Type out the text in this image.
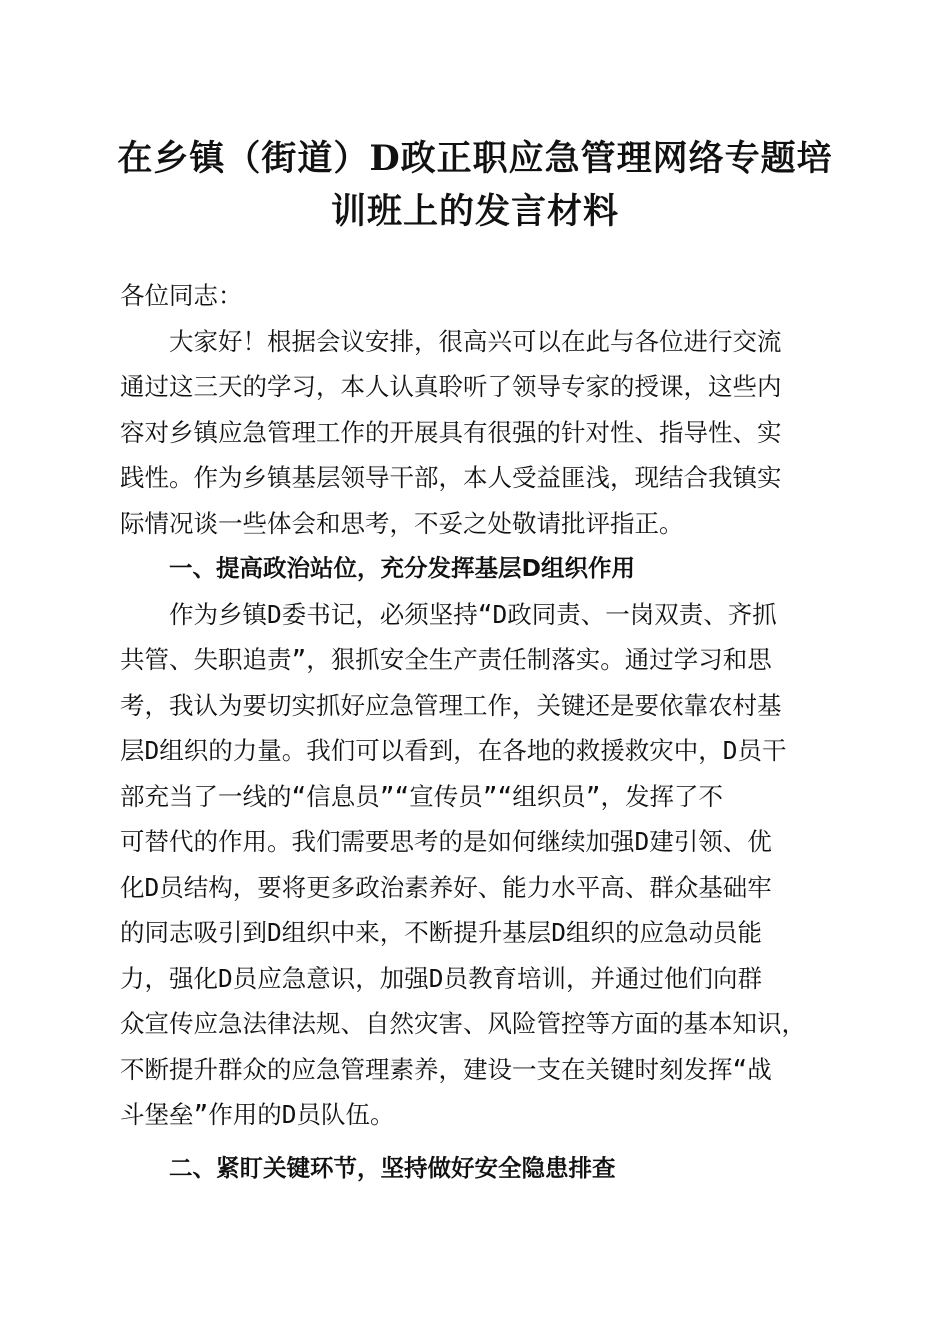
在乡镇（街道）D政正职应急管理网络专题培
训班上的发言材料
各位同志：
大家好！根据会议安排，很高兴可以在此与各位进行交流
通过这三天的学习，本人认真聆听了领导专家的授课，这些内
容对乡镇应急管理工作的开展具有很强的针对性、指导性、实
践性。作为乡镇基层领导干部，本人受益匪浅，现结合我镇实
际情况谈一些体会和思考，不妥之处敬请批评指正。
一、提高政治站位，充分发挥基层D组织作用
作为乡镇D委书记，必须坚持“D政同责、一岗双责、齐抓
共管、失职追责”，狠抓安全生产责任制落实。通过学习和思
考，我认为要切实抓好应急管理工作，关键还是要依靠农村基
层D组织的力量。我们可以看到，在各地的救援救灾中，D员干
部充当了一线的“信息员”“宣传员”“组织员”，发挥了不
可替代的作用。我们需要思考的是如何继续加强D建引领、优
化D员结构，要将更多政治素养好、能力水平高、群众基础牢
的同志吸引到D组织中来，不断提升基层D组织的应急动员能
力，强化D员应急意识，加强D员教育培训，并通过他们向群
众宣传应急法律法规、自然灾害、风险管控等方面的基本知识，
不断提升群众的应急管理素养，建设一支在关键时刻发挥“战
斗堡垒”作用的D员队伍。
二、紧盯关键环节，坚持做好安全隐患排查
